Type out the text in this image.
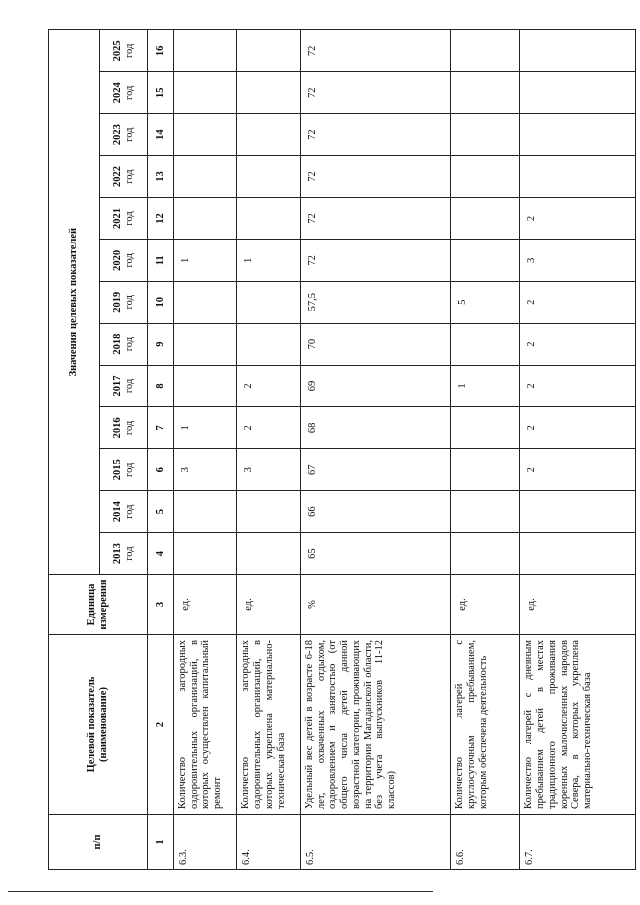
п/п	Целевой показатель (наименование)	Единица измерения	Значения целевых показателей												

			2013 год	2014 год	2015 год	2016 год	2017 год	2018 год	2019 год	2020 год	2021 год	2022 год	2023 год	2024 год	2025 год

1	2	3	4	5	6	7	8	9	10	11	12	13	14	15	16
6.3.	Количество загородных оздоровительных организаций, в которых осуществлен капитальный ремонт	ед.			3	1				1					
6.4.	Количество загородных оздоровительных организаций, в которых укреплена материально-техническая база	ед.			3	2	2			1					
6.5.	Удельный вес детей в возрасте 6-18 лет, охваченных отдыхом, оздоровлением и занятостью (от общего числа детей данной возрастной категории, проживающих на территории Магаданской области, без учета выпускников 11-12 классов)	%	65	66	67	68	69	70	57,5	72	72	72	72	72	72
6.6.	Количество лагерей с круглосуточным пребыванием, которым обеспечена деятельность	ед.					1		5						
6.7.	Количество лагерей с дневным пребыванием детей в местах традиционного проживания коренных малочисленных народов Севера, в которых укреплена материально-техническая база	ед.			2	2	2	2	2	3	2				
